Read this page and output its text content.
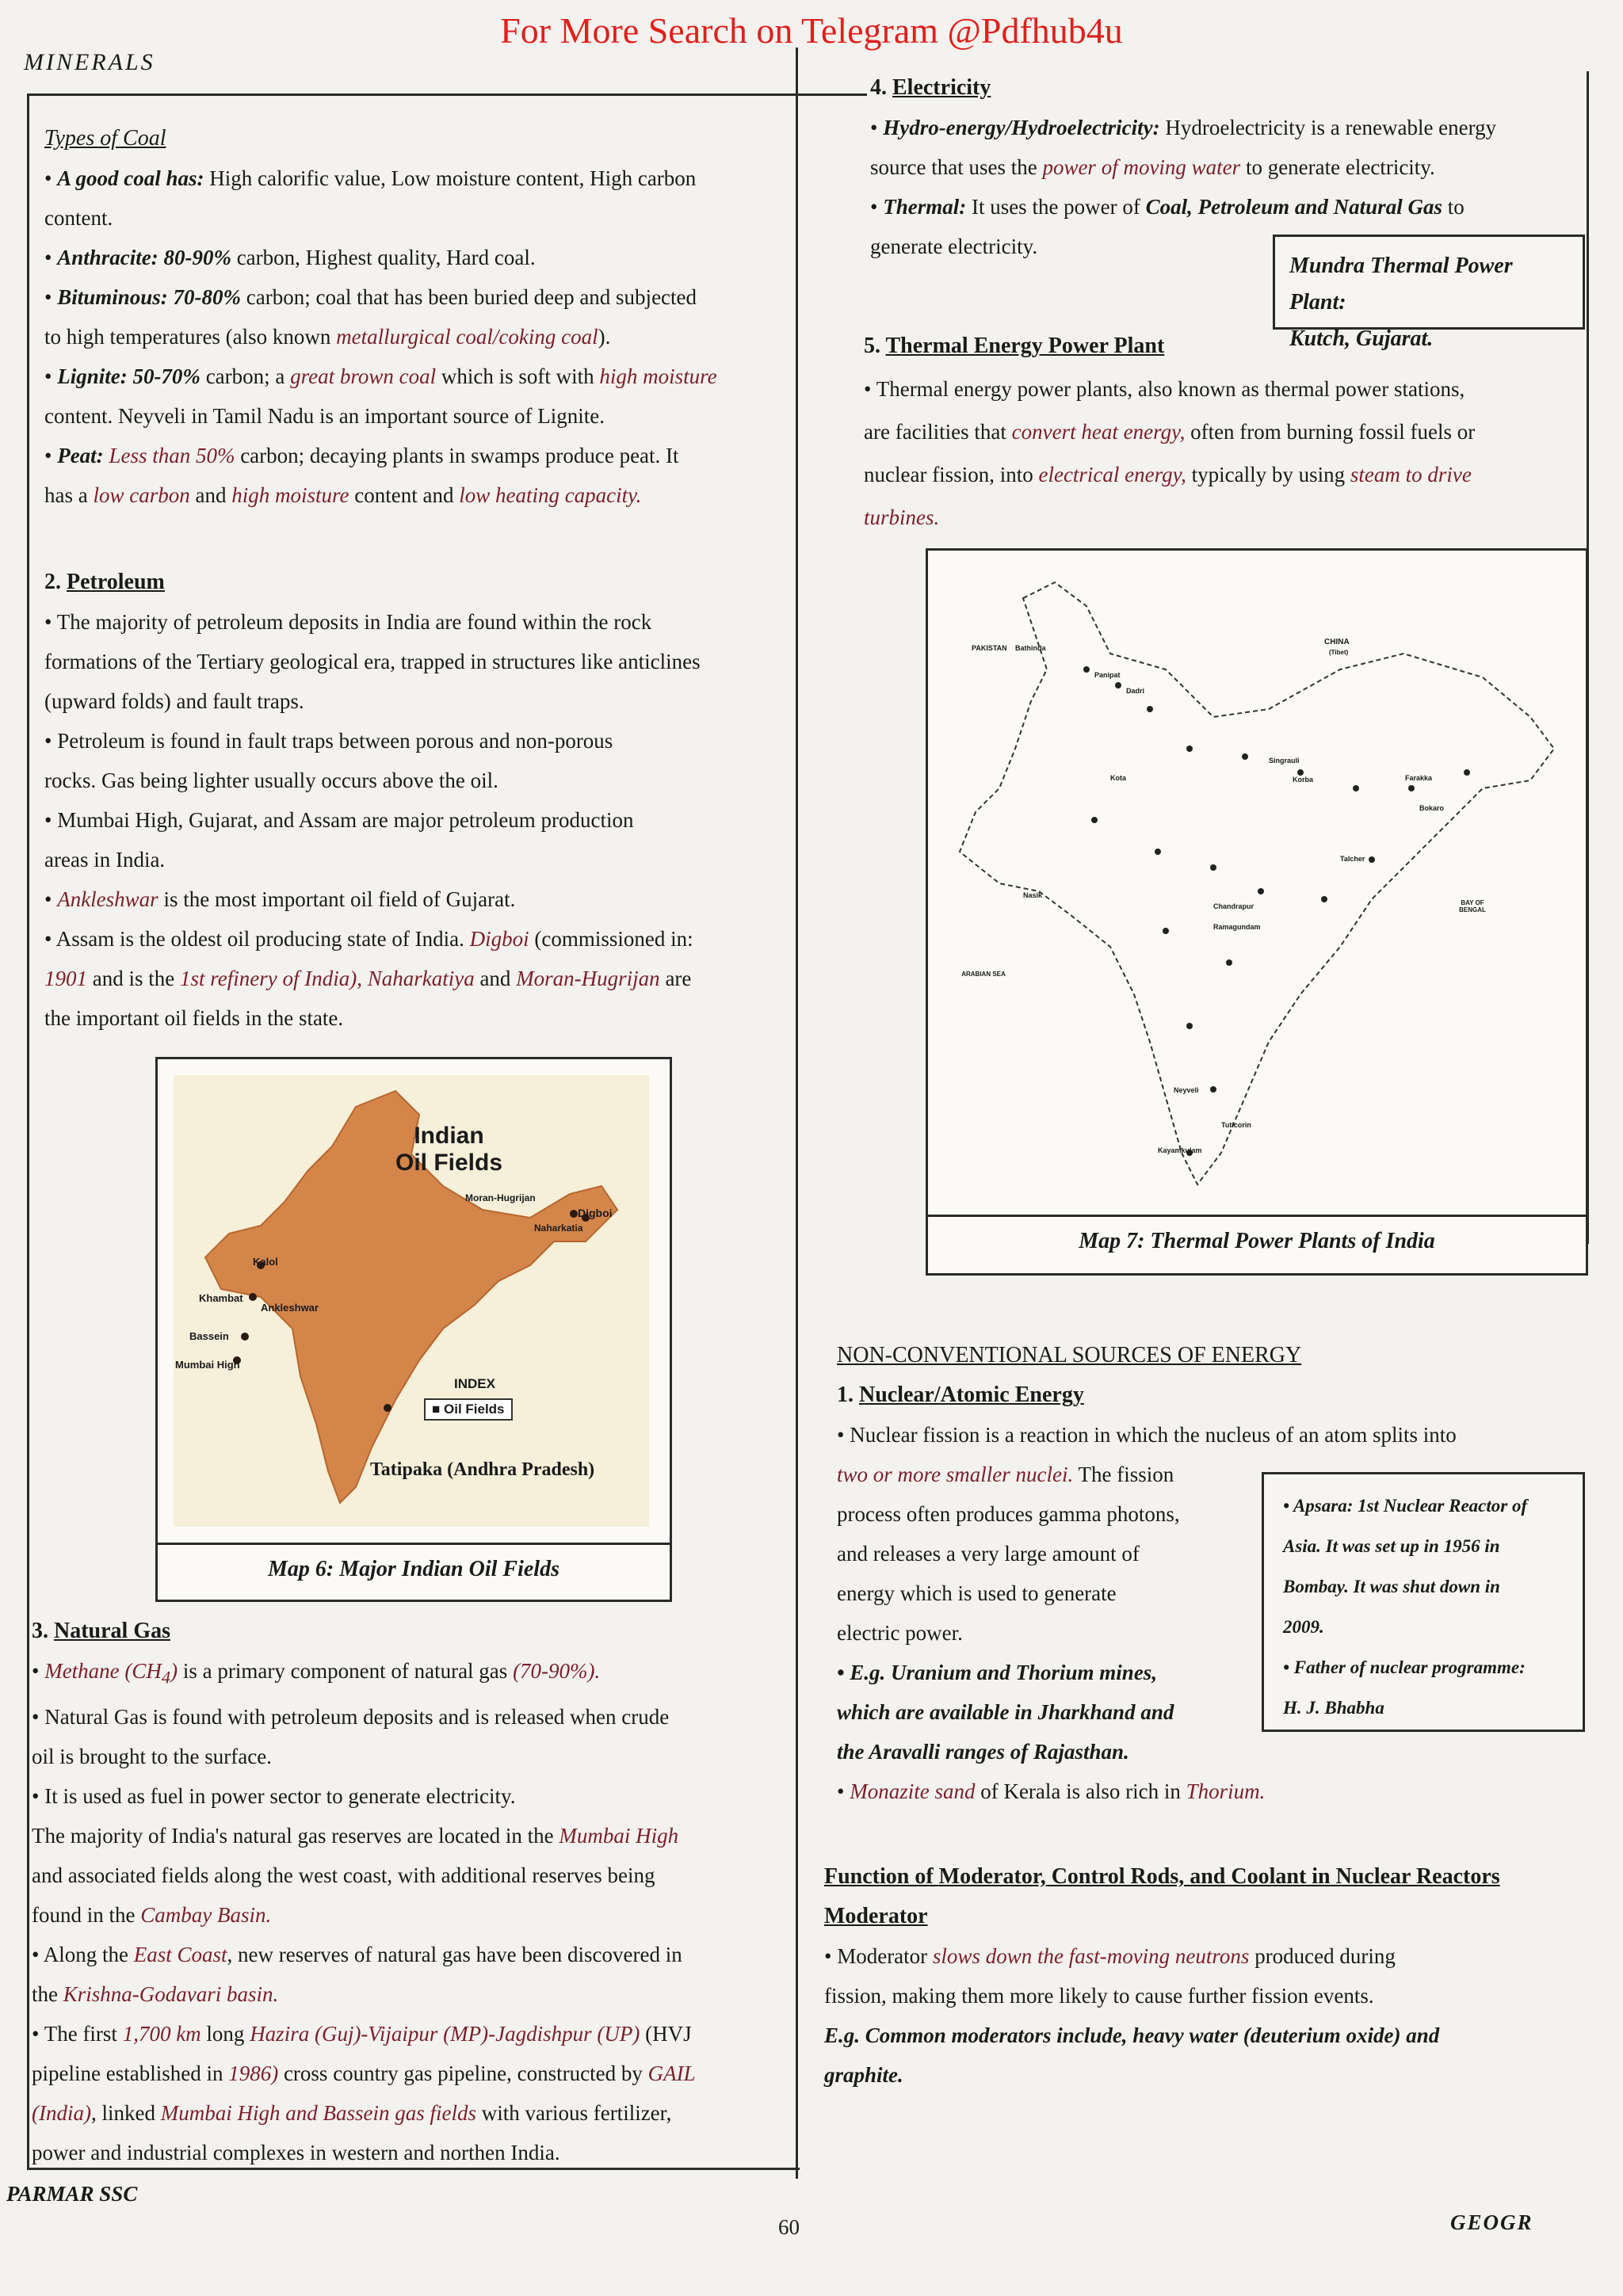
For More Search on Telegram @Pdfhub4u
MINERALS

Types of Coal

• A good coal has: High calorific value, Low moisture content, High carbon

content.

• Anthracite: 80-90% carbon, Highest quality, Hard coal.

• Bituminous: 70-80% carbon; coal that has been buried deep and subjected

to high temperatures (also known metallurgical coal/coking coal).

• Lignite: 50-70% carbon; a great brown coal which is soft with high moisture

content. Neyveli in Tamil Nadu is an important source of Lignite.

• Peat: Less than 50% carbon; decaying plants in swamps produce peat. It

has a low carbon and high moisture content and low heating capacity.

2. Petroleum

• The majority of petroleum deposits in India are found within the rock

formations of the Tertiary geological era, trapped in structures like anticlines

(upward folds) and fault traps.

• Petroleum is found in fault traps between porous and non-porous

rocks. Gas being lighter usually occurs above the oil.

• Mumbai High, Gujarat, and Assam are major petroleum production

areas in India.

• Ankleshwar is the most important oil field of Gujarat.

• Assam is the oldest oil producing state of India. Digboi (commissioned in:

1901 and is the 1st refinery of India), Naharkatiya and Moran-Hugrijan are

the important oil fields in the state.

Indian
Oil Fields
Moran-Hugrijan
Digboi
Naharkatia
Kalol
Khambat
Ankleshwar
Bassein
Mumbai High
INDEX
■ Oil Fields
Tatipaka (Andhra Pradesh)
Map 6: Major Indian Oil Fields

3. Natural Gas

• Methane $(CH_4)$ is a primary component of natural gas (70-90%).

• Natural Gas is found with petroleum deposits and is released when crude

oil is brought to the surface.

• It is used as fuel in power sector to generate electricity.

The majority of India's natural gas reserves are located in the Mumbai High

and associated fields along the west coast, with additional reserves being

found in the Cambay Basin.

• Along the East Coast, new reserves of natural gas have been discovered in

the Krishna-Godavari basin.

• The first 1,700 km long Hazira (Guj)-Vijaipur (MP)-Jagdishpur (UP) (HVJ

pipeline established in 1986) cross country gas pipeline, constructed by GAIL

(India), linked Mumbai High and Bassein gas fields with various fertilizer,

power and industrial complexes in western and northen India.

4. Electricity

• Hydro-energy/Hydroelectricity: Hydroelectricity is a renewable energy

source that uses the power of moving water to generate electricity.

• Thermal: It uses the power of Coal, Petroleum and Natural Gas to

generate electricity.

Mundra Thermal Power Plant:
Kutch, Gujarat.

5. Thermal Energy Power Plant

• Thermal energy power plants, also known as thermal power stations,

are facilities that convert heat energy, often from burning fossil fuels or

nuclear fission, into electrical energy, typically by using steam to drive

turbines.

PAKISTAN
CHINA
(Tibet)
Bathinda
Panipat
Dadri
Kota	Korba	Farakka
Chandrapur
Ramagundam
Neyveli
Kayamkulam
Nasik
ARABIAN SEA
BAY OF BENGAL
Tuticorin
Talcher
Bokaro
Singrauli
Map 7: Thermal Power Plants of India

NON-CONVENTIONAL SOURCES OF ENERGY

1. Nuclear/Atomic Energy

• Nuclear fission is a reaction in which the nucleus of an atom splits into

two or more smaller nuclei. The fission

process often produces gamma photons,

and releases a very large amount of

energy which is used to generate

electric power.

• E.g. Uranium and Thorium mines,

which are available in Jharkhand and

the Aravalli ranges of Rajasthan.

• Monazite sand of Kerala is also rich in Thorium.

• Apsara: 1st Nuclear Reactor of
Asia. It was set up in 1956 in
Bombay. It was shut down in
2009.
• Father of nuclear programme:
H. J. Bhabha

Function of Moderator, Control Rods, and Coolant in Nuclear Reactors

Moderator

• Moderator slows down the fast-moving neutrons produced during

fission, making them more likely to cause further fission events.

E.g. Common moderators include, heavy water (deuterium oxide) and

graphite.

PARMAR SSC
60	GEOGR
